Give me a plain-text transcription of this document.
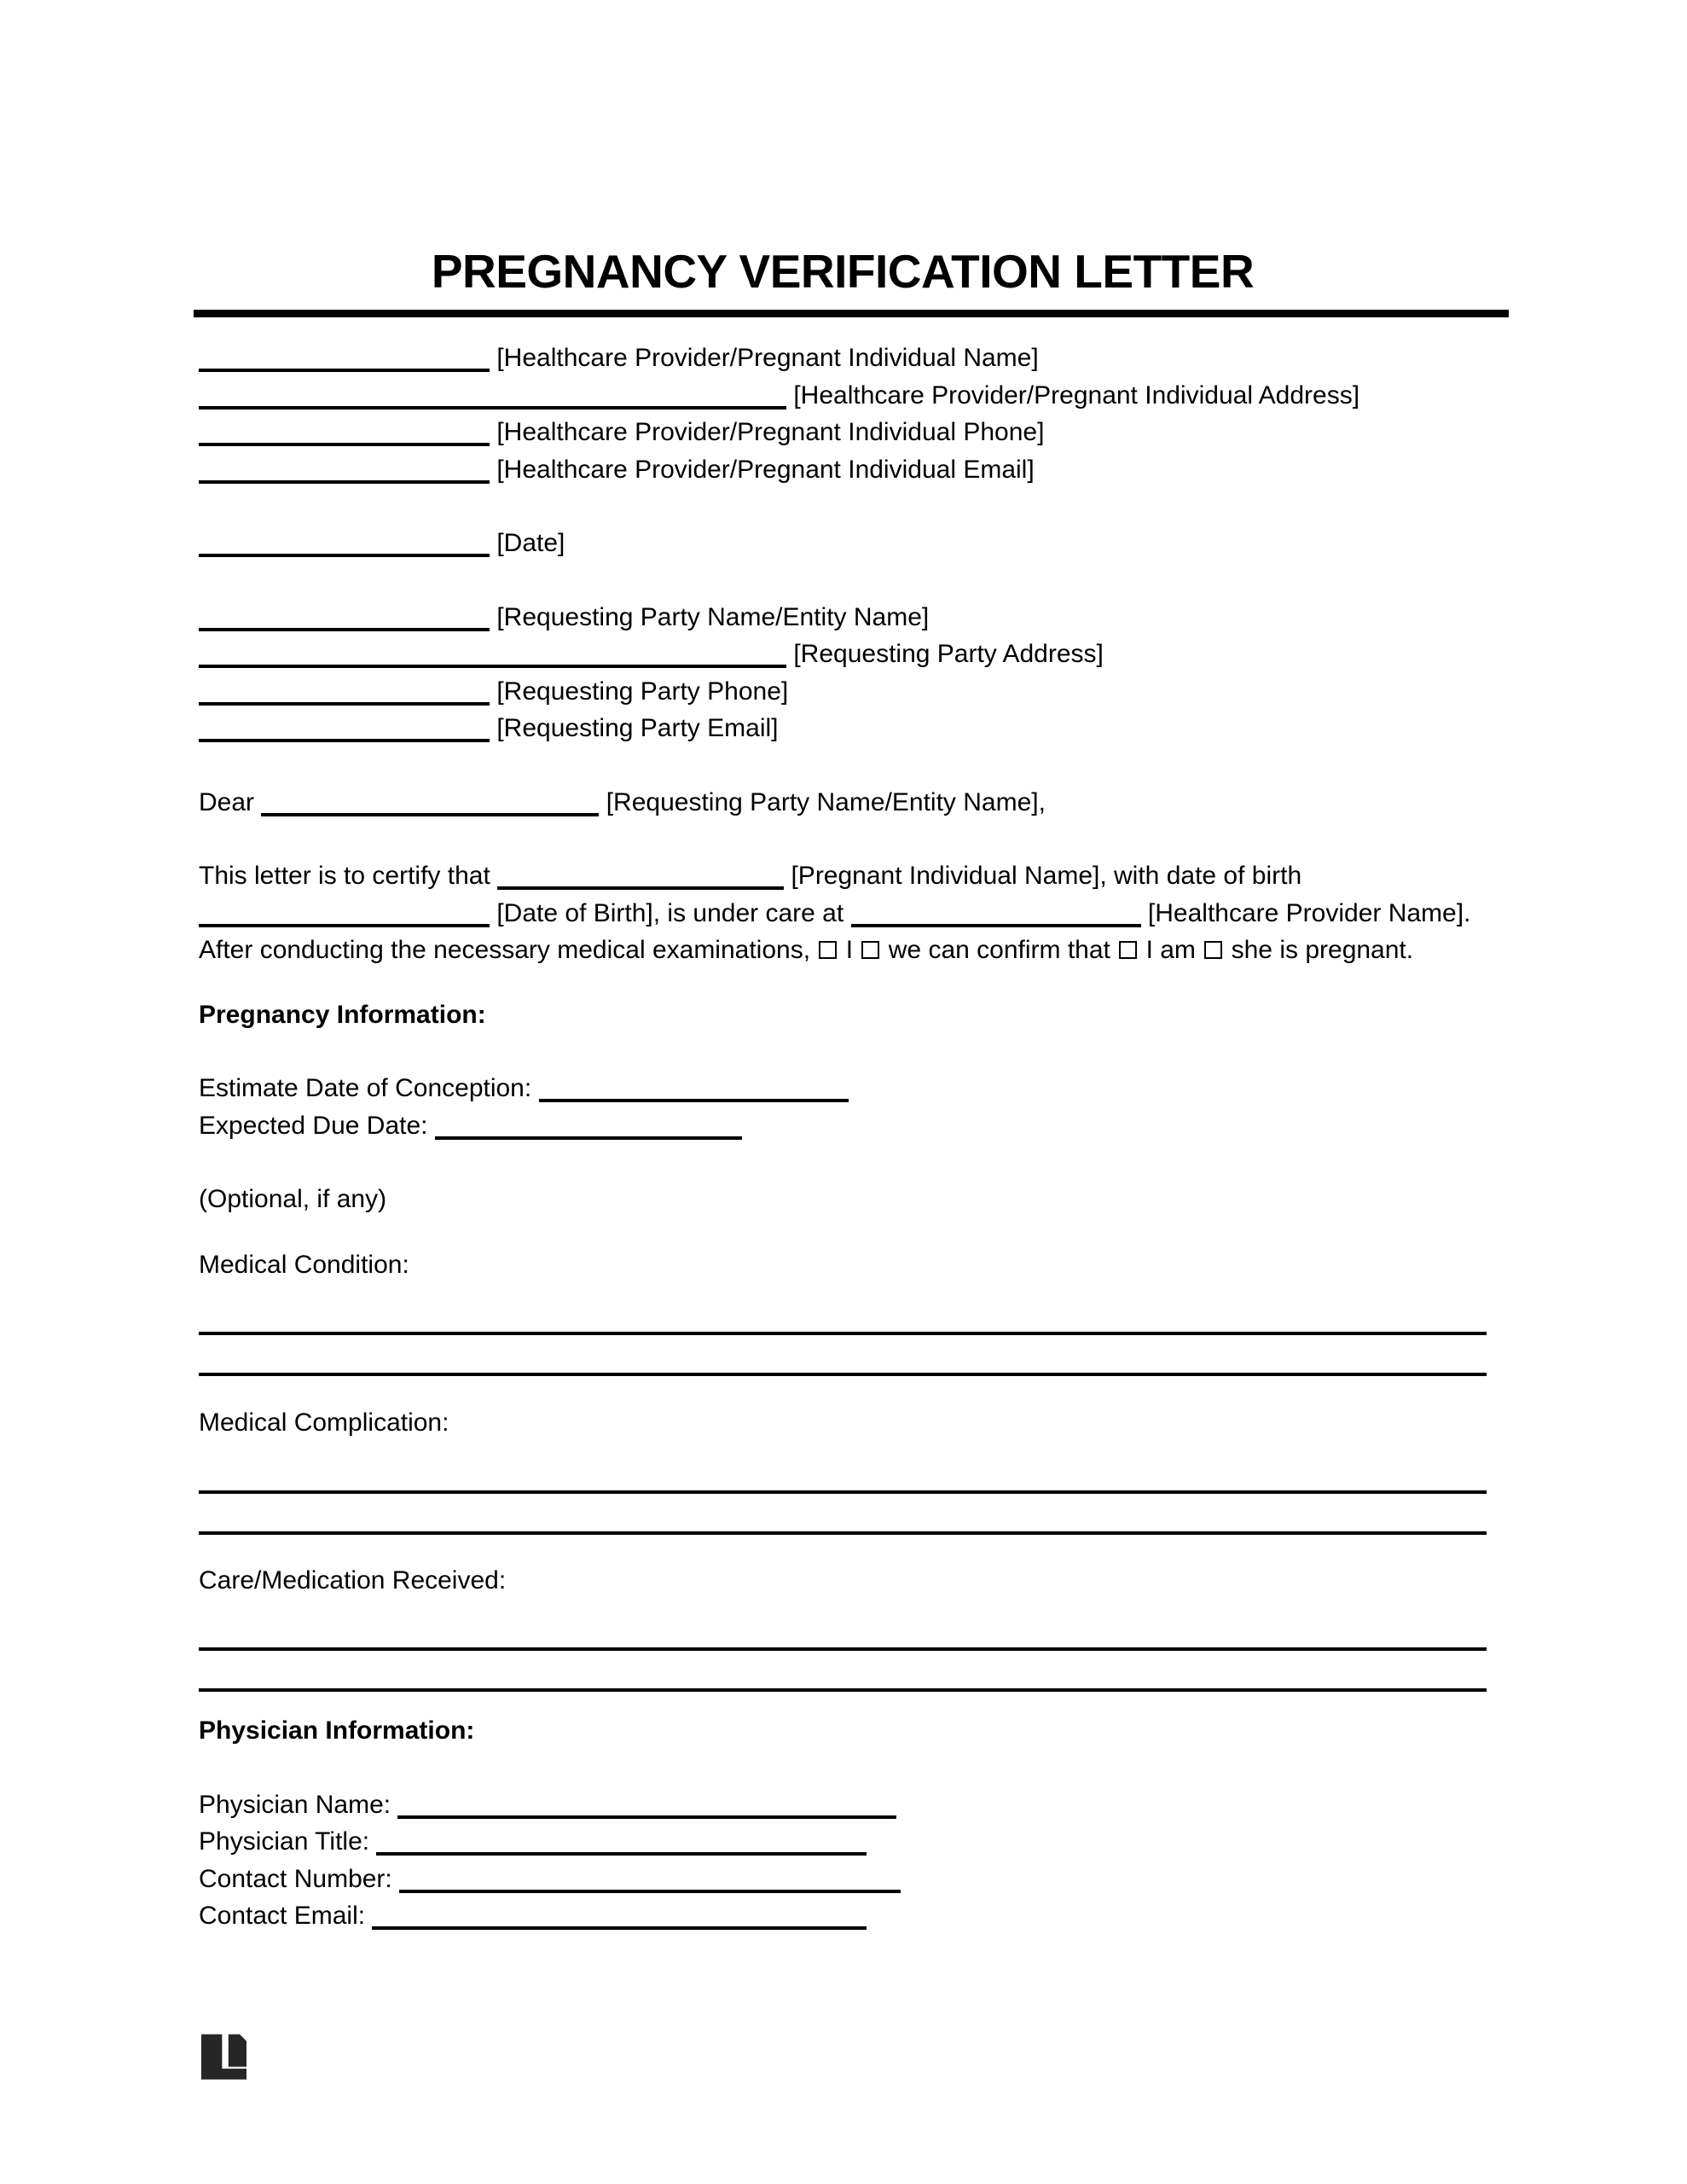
PREGNANCY VERIFICATION LETTER
[Healthcare Provider/Pregnant Individual Name]
[Healthcare Provider/Pregnant Individual Address]
[Healthcare Provider/Pregnant Individual Phone]
[Healthcare Provider/Pregnant Individual Email]
[Date]
[Requesting Party Name/Entity Name]
[Requesting Party Address]
[Requesting Party Phone]
[Requesting Party Email]
Dear	[Requesting Party Name/Entity Name],
This letter is to certify that	[Pregnant Individual Name], with date of birth  [Date of Birth], is under care at	[Healthcare Provider Name]. After conducting the necessary medical examinations, I we can confirm that I am she is pregnant.
Pregnancy Information:
Estimate Date of Conception:
Expected Due Date:
(Optional, if any)
Medical Condition:
Medical Complication:
Care/Medication Received:
Physician Information:
Physician Name:
Physician Title:
Contact Number:
Contact Email:
